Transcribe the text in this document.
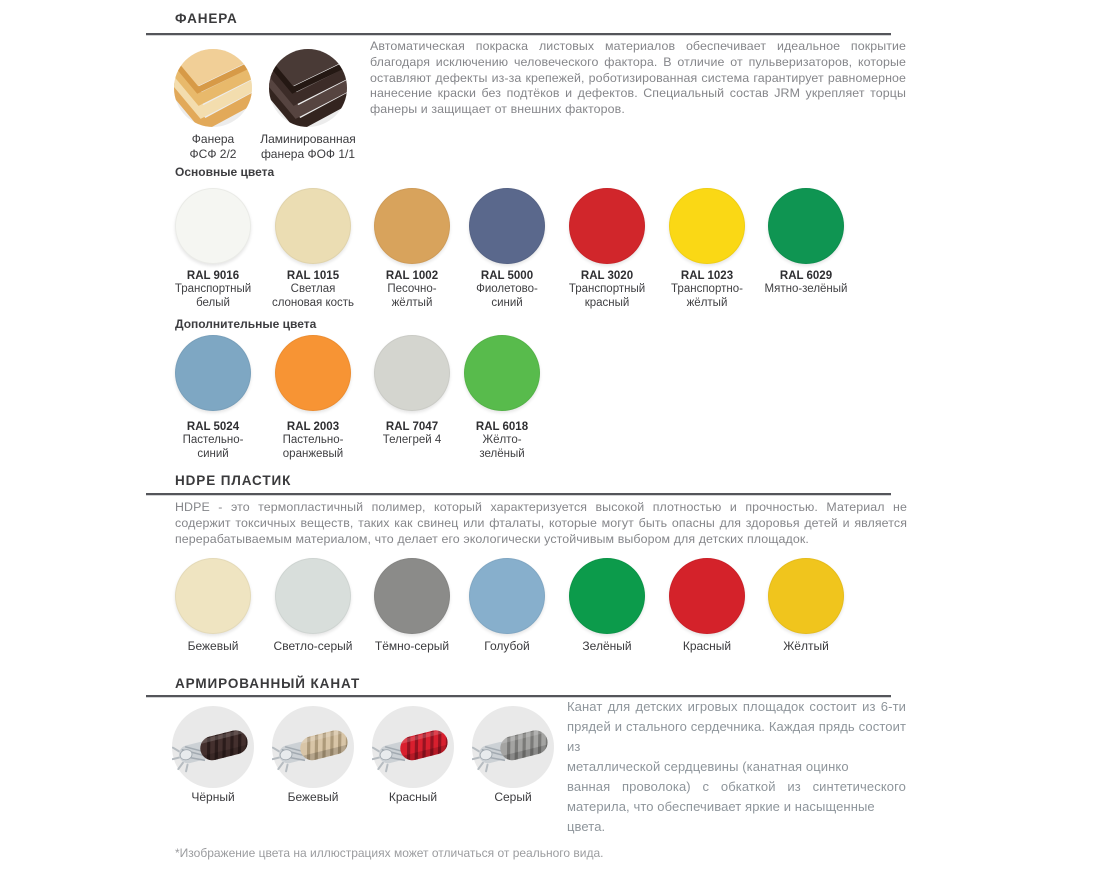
ФАНЕРА
Фанера
ФСФ 2/2
Ламинированная
фанера ФОФ 1/1
Автоматическая покраска листовых материалов обеспечивает идеальное покрытие благодаря исключению человеческого фактора. В отличие от пульверизаторов, которые оставляют дефекты из-за крепежей, роботизированная система гарантирует равномерное нанесение краски без подтёков и дефектов. Специальный состав JRM укрепляет торцы фанеры и защищает от внешних факторов.
Основные цвета
RAL 9016
Транспортный
белый
RAL 1015
Светлая
слоновая кость
RAL 1002
Песочно-
жёлтый
RAL 5000
Фиолетово-
синий
RAL 3020
Транспортный
красный
RAL 1023
Транспортно-
жёлтый
RAL 6029
Мятно-зелёный
Дополнительные цвета
RAL 5024
Пастельно-
синий
RAL 2003
Пастельно-
оранжевый
RAL 7047
Телегрей 4
RAL 6018
Жёлто-
зелёный
HDPE ПЛАСТИК
HDPE - это термопластичный полимер, который характеризуется высокой плотностью и прочностью. Материал не содержит токсичных веществ, таких как свинец или фталаты, которые могут быть опасны для здоровья детей и является перерабатываемым материалом, что делает его экологически устойчивым выбором для детских площадок.
Бежевый	Светло-серый Тёмно-серый	Голубой	Зелёный	Красный	Жёлтый
АРМИРОВАННЫЙ КАНАТ
Чёрный	Бежевый	Красный	Серый
Канат для детских игровых площадок состоит из 6-ти
прядей и стального сердечника. Каждая прядь состоит из
металлической сердцевины (канатная оцинко
ванная проволока) с обкаткой из синтетического
материла, что обеспечивает яркие и насыщенные цвета.
*Изображение цвета на иллюстрациях может отличаться от реального вида.
